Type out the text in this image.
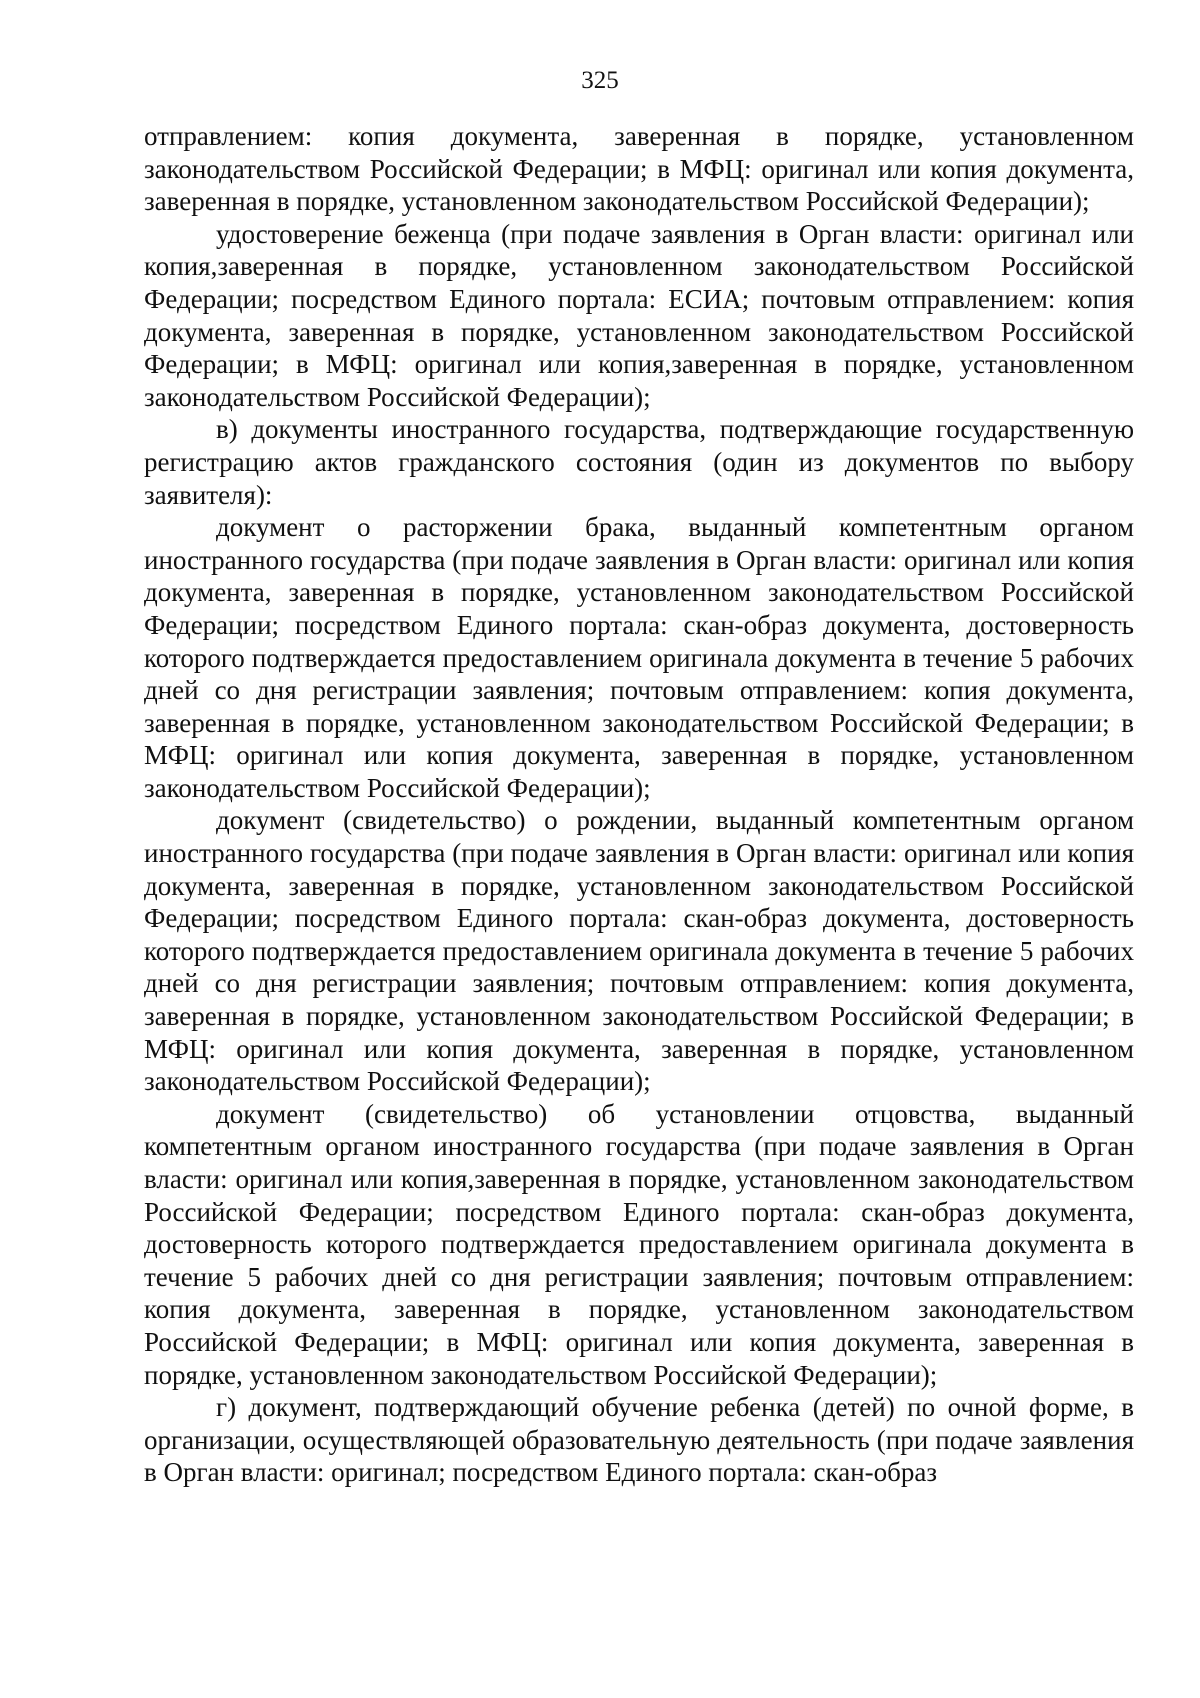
325

отправлением: копия документа, заверенная в порядке, установленном законодательством Российской Федерации; в МФЦ: оригинал или копия документа, заверенная в порядке, установленном законодательством Российской Федерации);

удостоверение беженца (при подаче заявления в Орган власти: оригинал или копия,заверенная в порядке, установленном законодательством Российской Федерации; посредством Единого портала: ЕСИА; почтовым отправлением: копия документа, заверенная в порядке, установленном законодательством Российской Федерации; в МФЦ: оригинал или копия,заверенная в порядке, установленном законодательством Российской Федерации);

в) документы иностранного государства, подтверждающие государственную регистрацию актов гражданского состояния (один из документов по выбору заявителя):

документ о расторжении брака, выданный компетентным органом иностранного государства (при подаче заявления в Орган власти: оригинал или копия документа, заверенная в порядке, установленном законодательством Российской Федерации; посредством Единого портала: скан-образ документа, достоверность которого подтверждается предоставлением оригинала документа в течение 5 рабочих дней со дня регистрации заявления; почтовым отправлением: копия документа, заверенная в порядке, установленном законодательством Российской Федерации; в МФЦ: оригинал или копия документа, заверенная в порядке, установленном законодательством Российской Федерации);

документ (свидетельство) о рождении, выданный компетентным органом иностранного государства (при подаче заявления в Орган власти: оригинал или копия документа, заверенная в порядке, установленном законодательством Российской Федерации; посредством Единого портала: скан-образ документа, достоверность которого подтверждается предоставлением оригинала документа в течение 5 рабочих дней со дня регистрации заявления; почтовым отправлением: копия документа, заверенная в порядке, установленном законодательством Российской Федерации; в МФЦ: оригинал или копия документа, заверенная в порядке, установленном законодательством Российской Федерации);

документ (свидетельство) об установлении отцовства, выданный компетентным органом иностранного государства (при подаче заявления в Орган власти: оригинал или копия,заверенная в порядке, установленном законодательством Российской Федерации; посредством Единого портала: скан-образ документа, достоверность которого подтверждается предоставлением оригинала документа в течение 5 рабочих дней со дня регистрации заявления; почтовым отправлением: копия документа, заверенная в порядке, установленном законодательством Российской Федерации; в МФЦ: оригинал или копия документа, заверенная в порядке, установленном законодательством Российской Федерации);

г) документ, подтверждающий обучение ребенка (детей) по очной форме, в организации, осуществляющей образовательную деятельность (при подаче заявления в Орган власти: оригинал; посредством Единого портала: скан-образ
